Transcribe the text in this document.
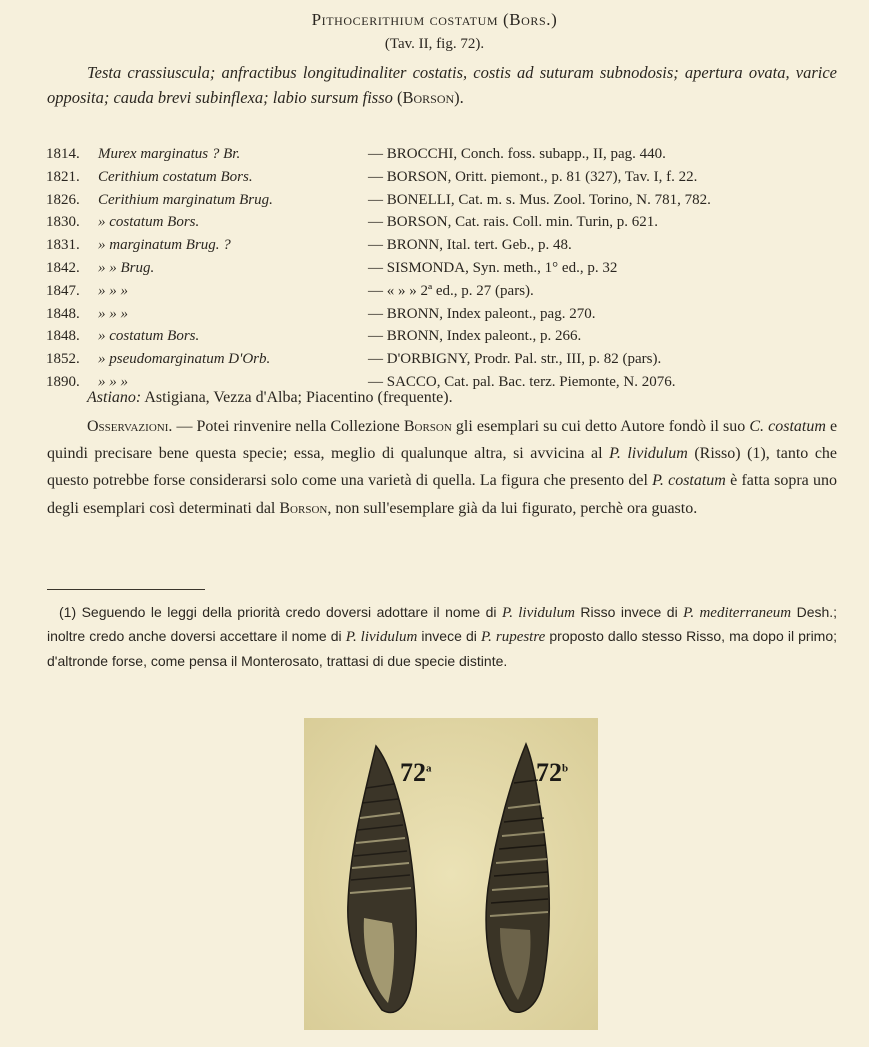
Pithocerithium costatum (Bors.)
(Tav. II, fig. 72).
Testa crassiuscula; anfractibus longitudinaliter costatis, costis ad suturam subnodosis; apertura ovata, varice opposita; cauda brevi subinflexa; labio sursum fisso (Borson).
1814.	Murex marginatus ? Br.	— BROCCHI, Conch. foss. subapp., II, pag. 440.
1821.	Cerithium costatum Bors.	— BORSON, Oritt. piemont., p. 81 (327), Tav. I, f. 22.
1826.	Cerithium marginatum Brug.	— BONELLI, Cat. m. s. Mus. Zool. Torino, N. 781, 782.
1830.	» costatum Bors.	— BORSON, Cat. rais. Coll. min. Turin, p. 621.
1831.	» marginatum Brug. ?	— BRONN, Ital. tert. Geb., p. 48.
1842.	» » Brug.	— SISMONDA, Syn. meth., 1° ed., p. 32
1847.	» » »	— « » » 2ª ed., p. 27 (pars).
1848.	» » »	— BRONN, Index paleont., pag. 270.
1848.	» costatum Bors.	— BRONN, Index paleont., p. 266.
1852.	» pseudomarginatum D'Orb.	— D'ORBIGNY, Prodr. Pal. str., III, p. 82 (pars).
1890.	» » »	— SACCO, Cat. pal. Bac. terz. Piemonte, N. 2076.
Astiano: Astigiana, Vezza d'Alba; Piacentino (frequente).
Osservazioni. — Potei rinvenire nella Collezione Borson gli esemplari su cui detto Autore fondò il suo C. costatum e quindi precisare bene questa specie; essa, meglio di qualunque altra, si avvicina al P. lividulum (Risso) (1), tanto che questo potrebbe forse considerarsi solo come una varietà di quella. La figura che presento del P. costatum è fatta sopra uno degli esemplari così determinati dal Borson, non sull'esemplare già da lui figurato, perchè ora guasto.
(1) Seguendo le leggi della priorità credo doversi adottare il nome di P. lividulum Risso invece di P. mediterraneum Desh.; inoltre credo anche doversi accettare il nome di P. lividulum invece di P. rupestre proposto dallo stesso Risso, ma dopo il primo; d'altronde forse, come pensa il Monterosato, trattasi di due specie distinte.
72$^a$	72$^b$
